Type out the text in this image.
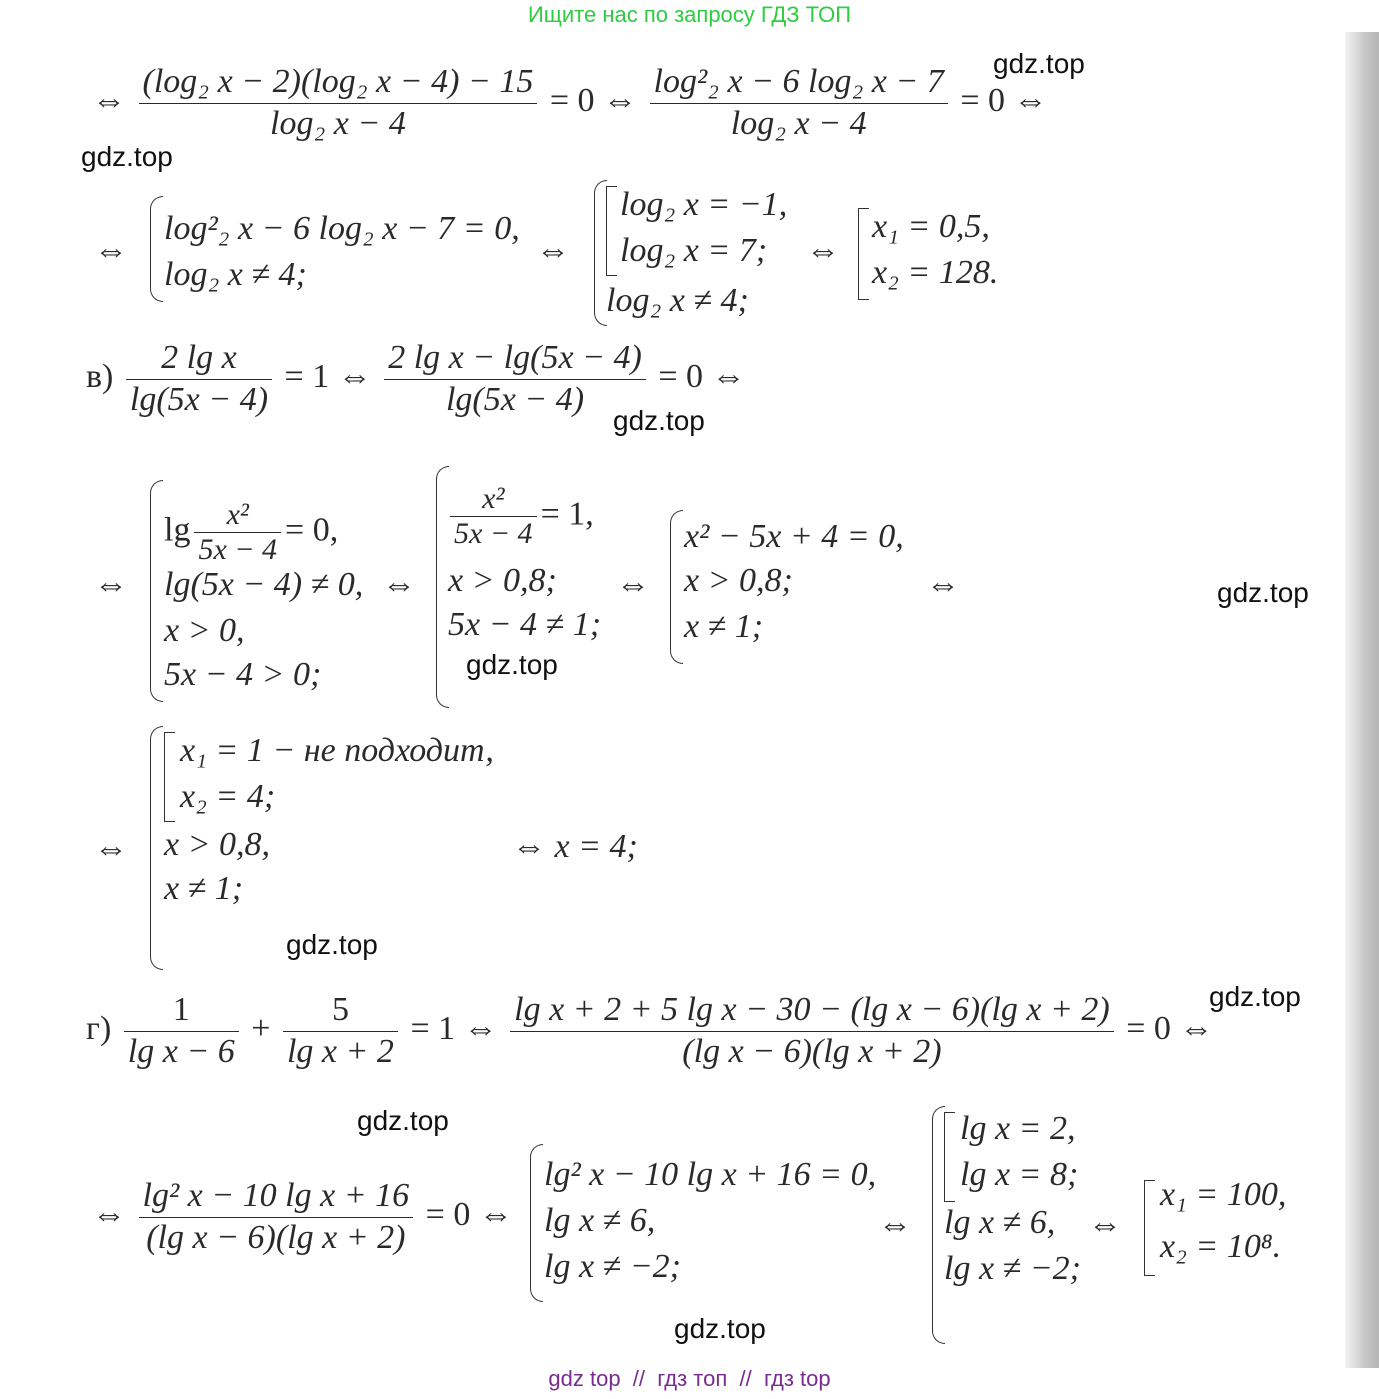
Ищите нас по запросу ГДЗ ТОП
gdz.top
gdz.top
gdz.top
gdz.top
gdz.top
gdz.top
gdz.top
gdz.top
gdz.top
⇔ $\frac{\text{(log₂ x − 2)(log₂ x − 4) − 15}}{\text{log₂ x − 4}} = 0$ ⇔ $\frac{\text{log²₂ x − 6 log₂ x − 7}}{\text{log₂ x − 4}} = 0$ ⇔
⇔
log²₂ x − 6 log₂ x − 7 = 0,
log₂ x ≠ 4;
⇔
log₂ x = −1,
log₂ x = 7;
log₂ x ≠ 4;
⇔
x₁ = 0,5,
x₂ = 128.
$в) \frac{\text{2 lg x}}{\lg(5x - 4)} = 1$ ⇔ $\frac{\text{2 lg x − lg(5x − 4)}}{\lg(5x - 4)} = 0$ ⇔
⇔
$\lg \frac{\text{x²}}{5x - 4} = 0$,
lg(5x − 4) ≠ 0,
x > 0,
5x − 4 > 0;
⇔
$\frac{\text{x²}}{5x - 4} = 1$,
x > 0,8;
5x − 4 ≠ 1;
⇔
x² − 5x + 4 = 0,
x > 0,8;
x ≠ 1;
⇔
⇔
x₁ = 1 − не подходит,
x₂ = 4;
x > 0,8,
x ≠ 1;
⇔ x = 4;
$г) \frac{1}{\text{lg x − 6}} + \frac{5}{\text{lg x + 2}} = 1$ ⇔ $\frac{\text{lg x + 2 + 5 lg x − 30 − (lg x − 6)(lg x + 2)}}{\text{(lg x − 6)(lg x + 2)}} = 0$ ⇔
⇔ $\frac{\text{lg² x − 10 lg x + 16}}{\text{(lg x − 6)(lg x + 2)}} = 0$ ⇔
lg² x − 10 lg x + 16 = 0,
lg x ≠ 6,
lg x ≠ −2;
⇔
lg x = 2,
lg x = 8;
lg x ≠ 6,
lg x ≠ −2;
⇔
x₁ = 100,
x₂ = 10⁸.
gdz top  //  гдз топ  //  гдз top
